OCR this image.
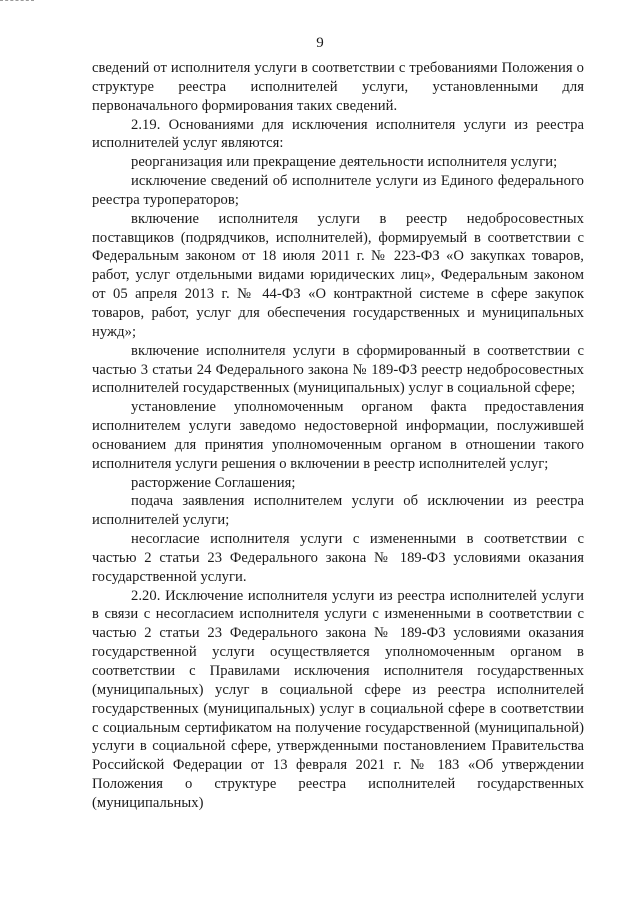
9

сведений от исполнителя услуги в соответствии с требованиями Положения о структуре реестра исполнителей услуги, установленными для первоначального формирования таких сведений.

2.19. Основаниями для исключения исполнителя услуги из реестра исполнителей услуг являются:

реорганизация или прекращение деятельности исполнителя услуги;

исключение сведений об исполнителе услуги из Единого федерального реестра туроператоров;

включение исполнителя услуги в реестр недобросовестных поставщиков (подрядчиков, исполнителей), формируемый в соответствии с Федеральным законом от 18 июля 2011 г. № 223-ФЗ «О закупках товаров, работ, услуг отдельными видами юридических лиц», Федеральным законом от 05 апреля 2013 г. № 44-ФЗ «О контрактной системе в сфере закупок товаров, работ, услуг для обеспечения государственных и муниципальных нужд»;

включение исполнителя услуги в сформированный в соответствии с частью 3 статьи 24 Федерального закона № 189-ФЗ реестр недобросовестных исполнителей государственных (муниципальных) услуг в социальной сфере;

установление уполномоченным органом факта предоставления исполнителем услуги заведомо недостоверной информации, послужившей основанием для принятия уполномоченным органом в отношении такого исполнителя услуги решения о включении в реестр исполнителей услуг;

расторжение Соглашения;

подача заявления исполнителем услуги об исключении из реестра исполнителей услуги;

несогласие исполнителя услуги с измененными в соответствии с частью 2 статьи 23 Федерального закона № 189-ФЗ условиями оказания государственной услуги.

2.20. Исключение исполнителя услуги из реестра исполнителей услуги в связи с несогласием исполнителя услуги с измененными в соответствии с частью 2 статьи 23 Федерального закона № 189-ФЗ условиями оказания государственной услуги осуществляется уполномоченным органом в соответствии с Правилами исключения исполнителя государственных (муниципальных) услуг в социальной сфере из реестра исполнителей государственных (муниципальных) услуг в социальной сфере в соответствии с социальным сертификатом на получение государственной (муниципальной) услуги в социальной сфере, утвержденными постановлением Правительства Российской Федерации от 13 февраля 2021 г. № 183 «Об утверждении Положения о структуре реестра исполнителей государственных (муниципальных)
